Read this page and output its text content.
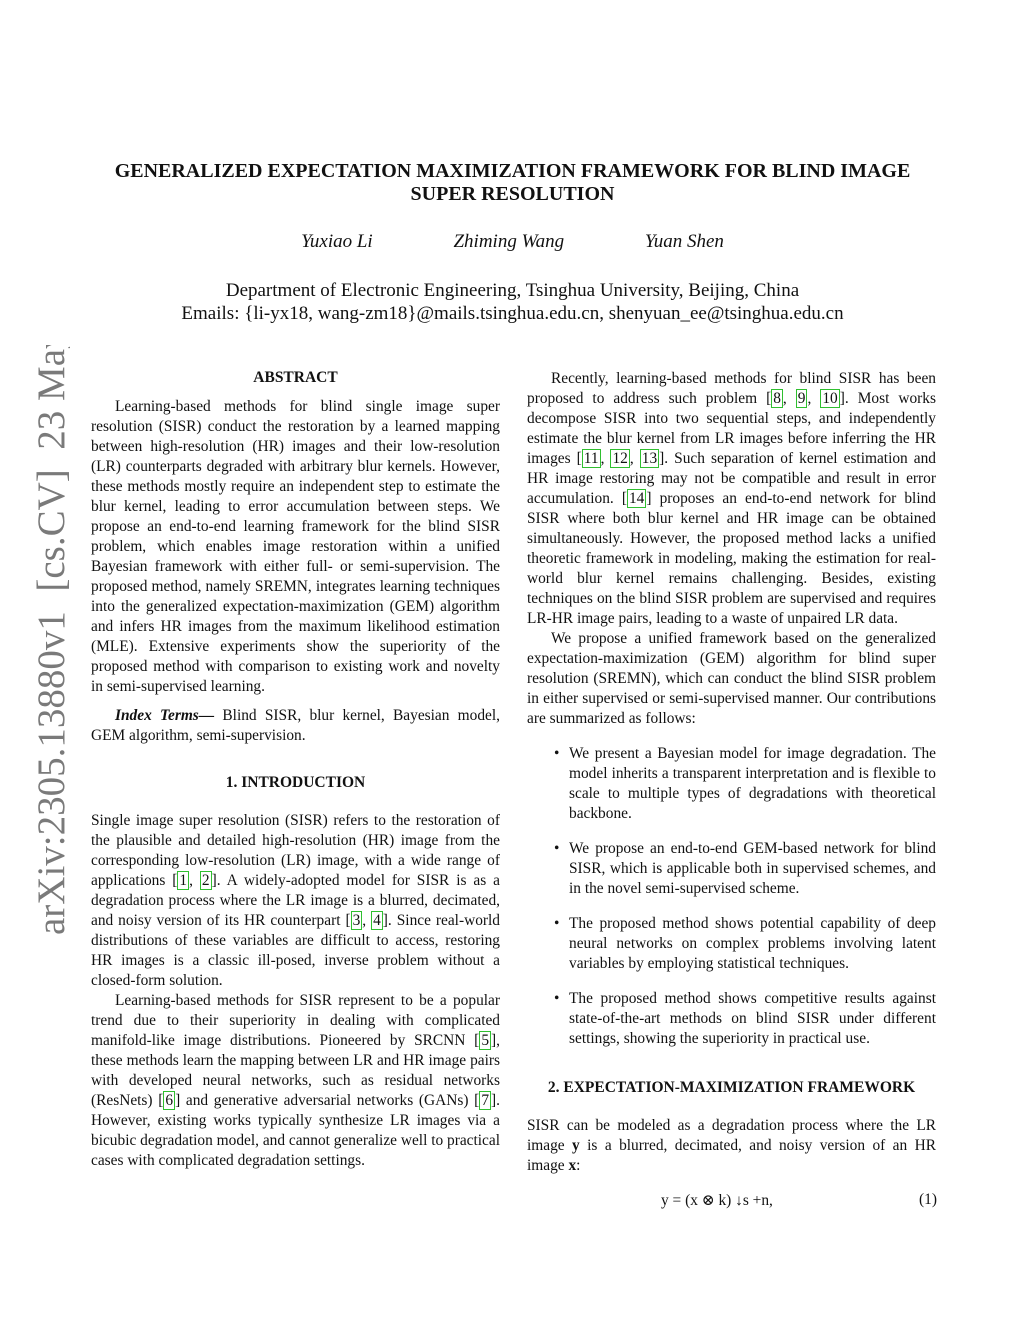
arXiv:2305.13880v1  [cs.CV]  23 May 2023
GENERALIZED EXPECTATION MAXIMIZATION FRAMEWORK FOR BLIND IMAGE
SUPER RESOLUTION
Yuxiao Li	Zhiming Wang	Yuan Shen
Department of Electronic Engineering, Tsinghua University, Beijing, China
Emails: {li-yx18, wang-zm18}@mails.tsinghua.edu.cn, shenyuan_ee@tsinghua.edu.cn
ABSTRACT

Learning-based methods for blind single image super resolution (SISR) conduct the restoration by a learned mapping between high-resolution (HR) images and their low-resolution (LR) counterparts degraded with arbitrary blur kernels. However, these methods mostly require an independent step to estimate the blur kernel, leading to error accumulation between steps. We propose an end-to-end learning framework for the blind SISR problem, which enables image restoration within a unified Bayesian framework with either full- or semi-supervision. The proposed method, namely SREMN, integrates learning techniques into the generalized expectation-maximization (GEM) algorithm and infers HR images from the maximum likelihood estimation (MLE). Extensive experiments show the superiority of the proposed method with comparison to existing work and novelty in semi-supervised learning.

Index Terms— Blind SISR, blur kernel, Bayesian model, GEM algorithm, semi-supervision.

1. INTRODUCTION

Single image super resolution (SISR) refers to the restoration of the plausible and detailed high-resolution (HR) image from the corresponding low-resolution (LR) image, with a wide range of applications [ 1 , 2 ]. A widely-adopted model for SISR is as a degradation process where the LR image is a blurred, decimated, and noisy version of its HR counterpart [ 3 , 4 ]. Since real-world distributions of these variables are difficult to access, restoring HR images is a classic ill-posed, inverse problem without a closed-form solution.

Learning-based methods for SISR represent to be a popular trend due to their superiority in dealing with complicated manifold-like image distributions. Pioneered by SRCNN [ 5 ], these methods learn the mapping between LR and HR image pairs with developed neural networks, such as residual networks (ResNets) [ 6 ] and generative adversarial networks (GANs) [ 7 ]. However, existing works typically synthesize LR images via a bicubic degradation model, and cannot generalize well to practical cases with complicated degradation settings.

Recently, learning-based methods for blind SISR has been proposed to address such problem [ 8 , 9 , 10 ]. Most works decompose SISR into two sequential steps, and independently estimate the blur kernel from LR images before inferring the HR images [ 11 , 12 , 13 ]. Such separation of kernel estimation and HR image restoring may not be compatible and result in error accumulation. [ 14 ] proposes an end-to-end network for blind SISR where both blur kernel and HR image can be obtained simultaneously. However, the proposed method lacks a unified theoretic framework in modeling, making the estimation for real-world blur kernel remains challenging. Besides, existing techniques on the blind SISR problem are supervised and requires LR-HR image pairs, leading to a waste of unpaired LR data.

We propose a unified framework based on the generalized expectation-maximization (GEM) algorithm for blind super resolution (SREMN), which can conduct the blind SISR problem in either supervised or semi-supervised manner. Our contributions are summarized as follows:

• We present a Bayesian model for image degradation. The model inherits a transparent interpretation and is flexible to scale to multiple types of degradations with theoretical backbone.
• We propose an end-to-end GEM-based network for blind SISR, which is applicable both in supervised schemes, and in the novel semi-supervised scheme.
• The proposed method shows potential capability of deep neural networks on complex problems involving latent variables by employing statistical techniques.
• The proposed method shows competitive results against state-of-the-art methods on blind SISR under different settings, showing the superiority in practical use.
2. EXPECTATION-MAXIMIZATION FRAMEWORK

SISR can be modeled as a degradation process where the LR image y is a blurred, decimated, and noisy version of an HR image x:

y = (x ⊗ k) ↓s +n,	(1)
